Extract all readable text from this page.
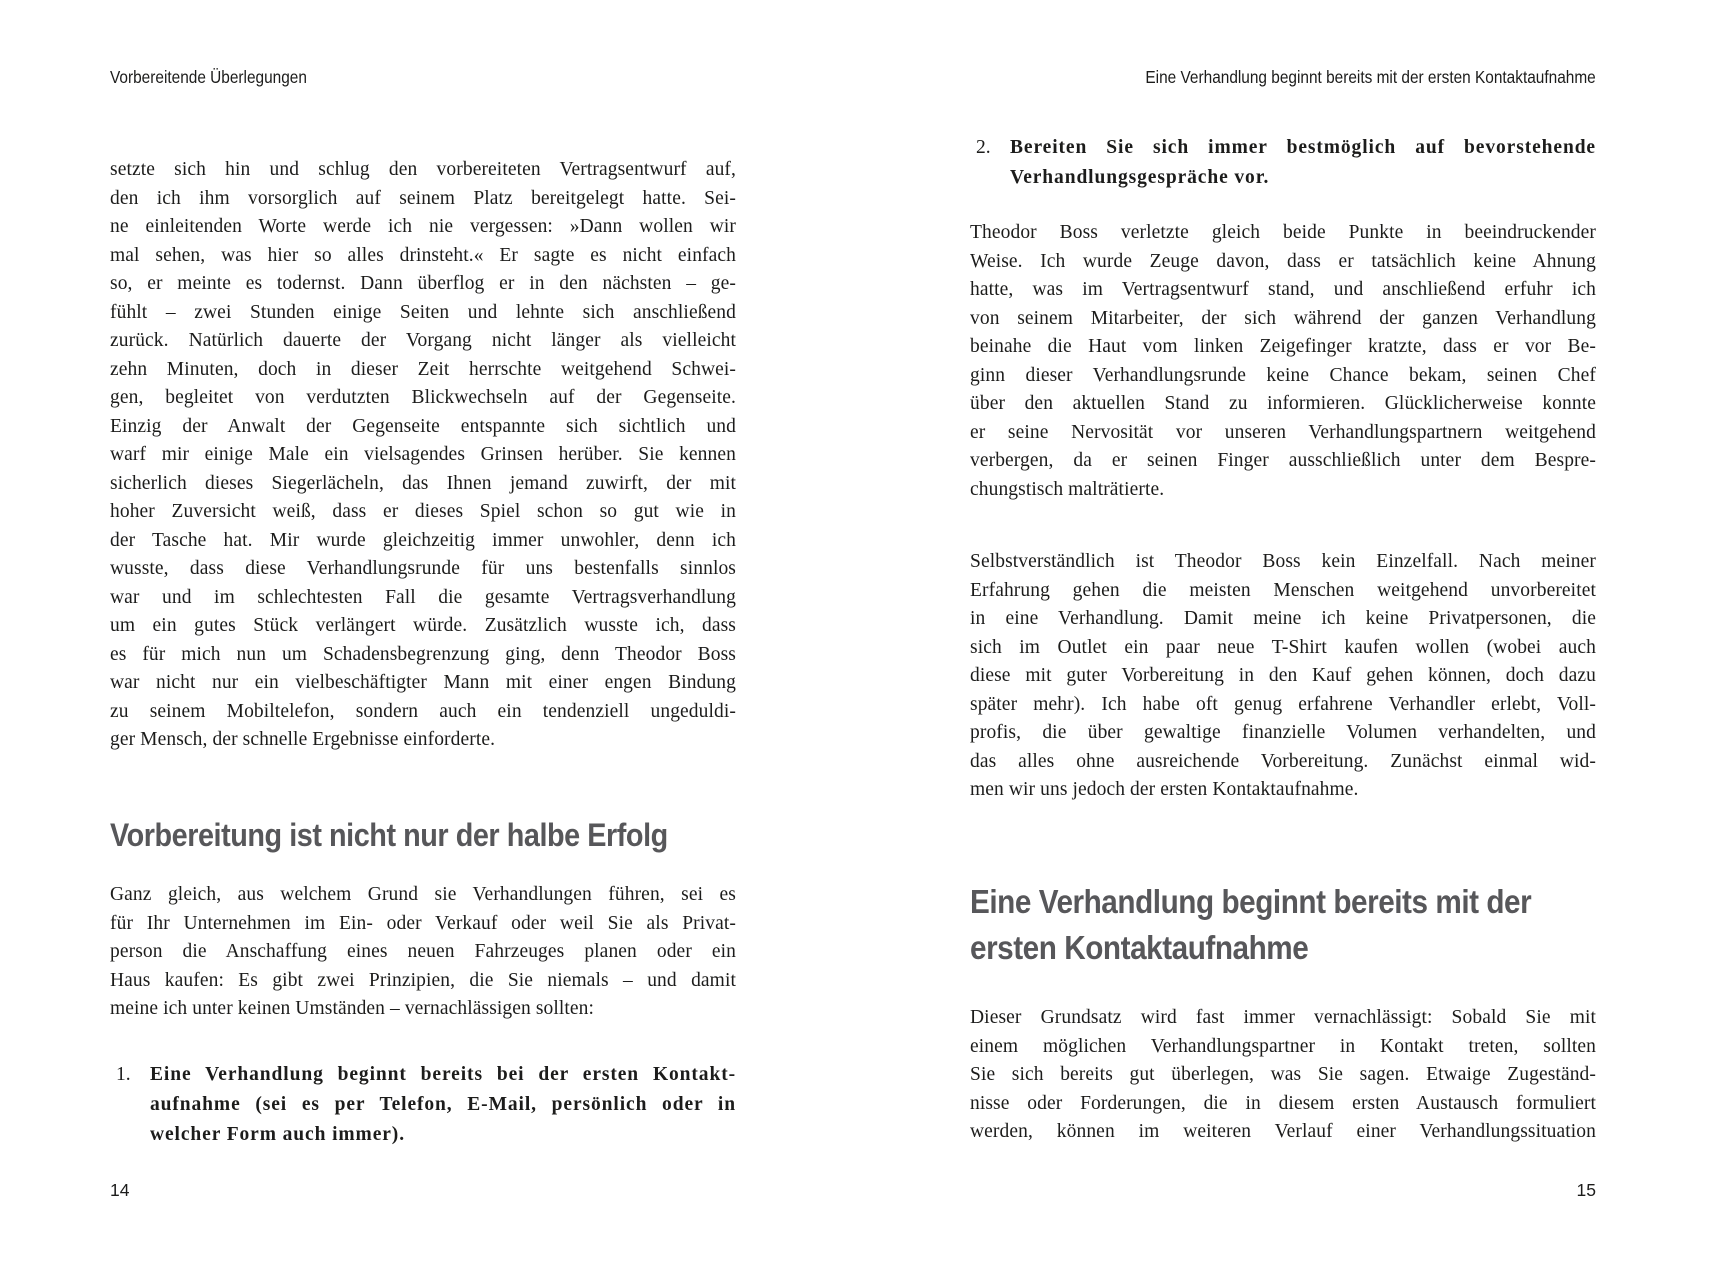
Vorbereitende Überlegungen
setzte sich hin und schlug den vorbereiteten Vertragsentwurf auf,
den ich ihm vorsorglich auf seinem Platz bereitgelegt hatte. Sei-
ne einleitenden Worte werde ich nie vergessen: »Dann wollen wir
mal sehen, was hier so alles drinsteht.« Er sagte es nicht einfach
so, er meinte es todernst. Dann überflog er in den nächsten – ge-
fühlt – zwei Stunden einige Seiten und lehnte sich anschließend
zurück. Natürlich dauerte der Vorgang nicht länger als vielleicht
zehn Minuten, doch in dieser Zeit herrschte weitgehend Schwei-
gen, begleitet von verdutzten Blickwechseln auf der Gegenseite.
Einzig der Anwalt der Gegenseite entspannte sich sichtlich und
warf mir einige Male ein vielsagendes Grinsen herüber. Sie kennen
sicherlich dieses Siegerlächeln, das Ihnen jemand zuwirft, der mit
hoher Zuversicht weiß, dass er dieses Spiel schon so gut wie in
der Tasche hat. Mir wurde gleichzeitig immer unwohler, denn ich
wusste, dass diese Verhandlungsrunde für uns bestenfalls sinnlos
war und im schlechtesten Fall die gesamte Vertragsverhandlung
um ein gutes Stück verlängert würde. Zusätzlich wusste ich, dass
es für mich nun um Schadensbegrenzung ging, denn Theodor Boss
war nicht nur ein vielbeschäftigter Mann mit einer engen Bindung
zu seinem Mobiltelefon, sondern auch ein tendenziell ungeduldi-
ger Mensch, der schnelle Ergebnisse einforderte.
Vorbereitung ist nicht nur der halbe Erfolg
Ganz gleich, aus welchem Grund sie Verhandlungen führen, sei es
für Ihr Unternehmen im Ein- oder Verkauf oder weil Sie als Privat-
person die Anschaffung eines neuen Fahrzeuges planen oder ein
Haus kaufen: Es gibt zwei Prinzipien, die Sie niemals – und damit
meine ich unter keinen Umständen – vernachlässigen sollten:
1. Eine Verhandlung beginnt bereits bei der ersten Kontakt-
aufnahme (sei es per Telefon, E-Mail, persönlich oder in
welcher Form auch immer).
14
Eine Verhandlung beginnt bereits mit der ersten Kontaktaufnahme
2. Bereiten Sie sich immer bestmöglich auf bevorstehende
Verhandlungsgespräche vor.
Theodor Boss verletzte gleich beide Punkte in beeindruckender
Weise. Ich wurde Zeuge davon, dass er tatsächlich keine Ahnung
hatte, was im Vertragsentwurf stand, und anschließend erfuhr ich
von seinem Mitarbeiter, der sich während der ganzen Verhandlung
beinahe die Haut vom linken Zeigefinger kratzte, dass er vor Be-
ginn dieser Verhandlungsrunde keine Chance bekam, seinen Chef
über den aktuellen Stand zu informieren. Glücklicherweise konnte
er seine Nervosität vor unseren Verhandlungspartnern weitgehend
verbergen, da er seinen Finger ausschließlich unter dem Bespre-
chungstisch malträtierte.
Selbstverständlich ist Theodor Boss kein Einzelfall. Nach meiner
Erfahrung gehen die meisten Menschen weitgehend unvorbereitet
in eine Verhandlung. Damit meine ich keine Privatpersonen, die
sich im Outlet ein paar neue T-Shirt kaufen wollen (wobei auch
diese mit guter Vorbereitung in den Kauf gehen können, doch dazu
später mehr). Ich habe oft genug erfahrene Verhandler erlebt, Voll-
profis, die über gewaltige finanzielle Volumen verhandelten, und
das alles ohne ausreichende Vorbereitung. Zunächst einmal wid-
men wir uns jedoch der ersten Kontaktaufnahme.
Eine Verhandlung beginnt bereits mit der
ersten Kontaktaufnahme
Dieser Grundsatz wird fast immer vernachlässigt: Sobald Sie mit
einem möglichen Verhandlungspartner in Kontakt treten, sollten
Sie sich bereits gut überlegen, was Sie sagen. Etwaige Zugeständ-
nisse oder Forderungen, die in diesem ersten Austausch formuliert
werden, können im weiteren Verlauf einer Verhandlungssituation
15
